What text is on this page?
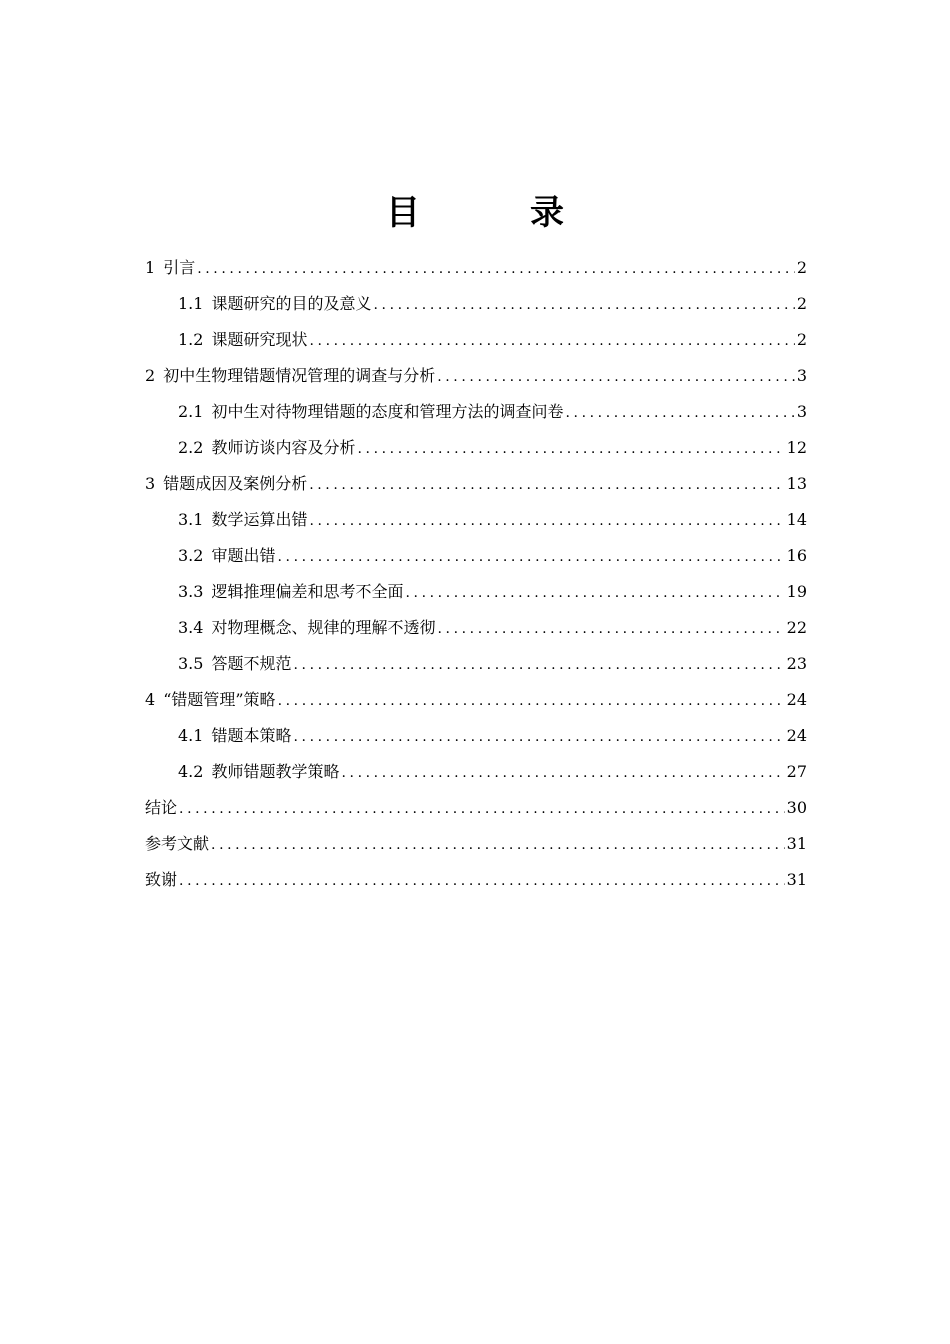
目　录
1 引言 .....	2
1.1 课题研究的目的及意义 .....	2
1.2 课题研究现状 .....	2
2 初中生物理错题情况管理的调查与分析 .....	3
2.1 初中生对待物理错题的态度和管理方法的调查问卷 .....	3
2.2 教师访谈内容及分析 .....	12
3 错题成因及案例分析 .....	13
3.1 数学运算出错 .....	14
3.2 审题出错 .....	16
3.3 逻辑推理偏差和思考不全面 .....	19
3.4 对物理概念、规律的理解不透彻 .....	22
3.5 答题不规范 .....	23
4 “错题管理”策略 .....	24
4.1 错题本策略 .....	24
4.2 教师错题教学策略 .....	27
结论 .....	30
参考文献 .....	31
致谢 .....	31
